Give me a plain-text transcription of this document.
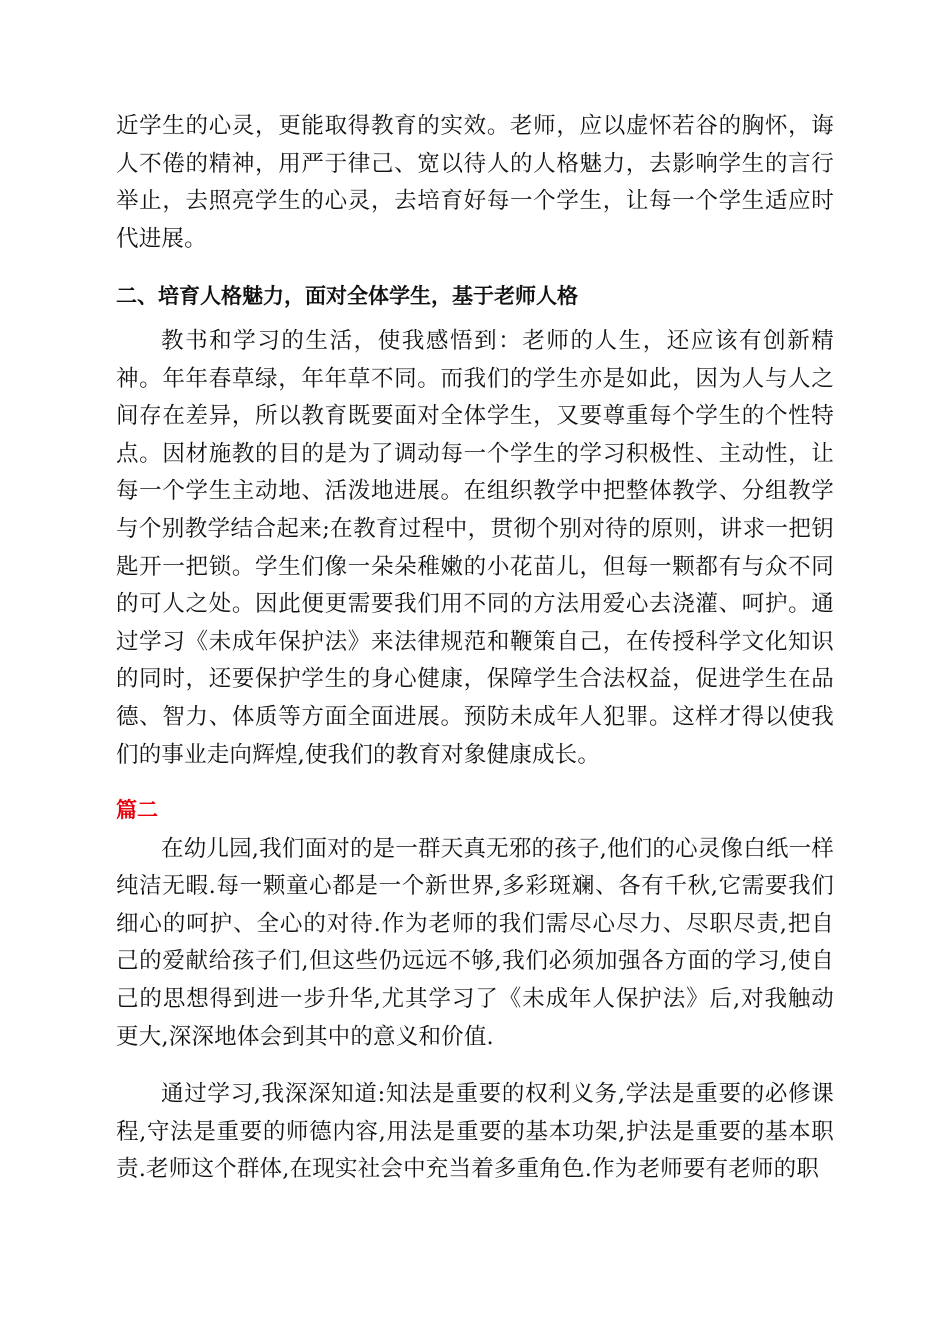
近学生的心灵，更能取得教育的实效。老师，应以虚怀若谷的胸怀，诲人不倦的精神，用严于律己、宽以待人的人格魅力，去影响学生的言行举止，去照亮学生的心灵，去培育好每一个学生，让每一个学生适应时代进展。

二、培育人格魅力，面对全体学生，基于老师人格

教书和学习的生活，使我感悟到：老师的人生，还应该有创新精神。年年春草绿，年年草不同。而我们的学生亦是如此，因为人与人之间存在差异，所以教育既要面对全体学生，又要尊重每个学生的个性特点。因材施教的目的是为了调动每一个学生的学习积极性、主动性，让每一个学生主动地、活泼地进展。在组织教学中把整体教学、分组教学与个别教学结合起来;在教育过程中，贯彻个别对待的原则，讲求一把钥匙开一把锁。学生们像一朵朵稚嫩的小花苗儿，但每一颗都有与众不同的可人之处。因此便更需要我们用不同的方法用爱心去浇灌、呵护。通过学习《未成年保护法》来法律规范和鞭策自己，在传授科学文化知识的同时，还要保护学生的身心健康，保障学生合法权益，促进学生在品德、智力、体质等方面全面进展。预防未成年人犯罪。这样才得以使我们的事业走向辉煌,使我们的教育对象健康成长。

篇二

在幼儿园,我们面对的是一群天真无邪的孩子,他们的心灵像白纸一样纯洁无暇.每一颗童心都是一个新世界,多彩斑斓、各有千秋,它需要我们细心的呵护、全心的对待.作为老师的我们需尽心尽力、尽职尽责,把自己的爱献给孩子们,但这些仍远远不够,我们必须加强各方面的学习,使自己的思想得到进一步升华,尤其学习了《未成年人保护法》后,对我触动更大,深深地体会到其中的意义和价值.

通过学习,我深深知道:知法是重要的权利义务,学法是重要的必修课程,守法是重要的师德内容,用法是重要的基本功架,护法是重要的基本职责.老师这个群体,在现实社会中充当着多重角色.作为老师要有老师的职
